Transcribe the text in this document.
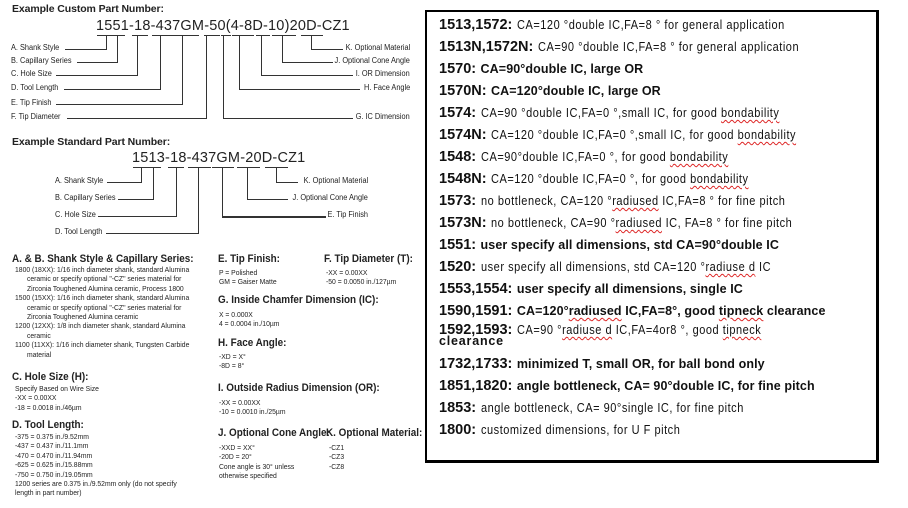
Example Custom Part Number:
1551-18-437GM-50(4-8D-10)20D-CZ1
A. Shank Style
B. Capillary Series
C. Hole Size
D. Tool Length
E. Tip Finish
F. Tip Diameter
K. Optional Material
J. Optional Cone Angle
I. OR Dimension
H. Face Angle
G. IC Dimension
Example Standard Part Number:
1513-18-437GM-20D-CZ1
A. Shank Style
B. Capillary Series
C. Hole Size
D. Tool Length
K. Optional Material
J. Optional Cone Angle
E. Tip Finish
A. & B. Shank Style & Capillary Series:
1800 (18XX): 1/16 inch diameter shank, standard Alumina
ceramic or specify optional "-CZ" series material for
Zirconia Toughened Alumina ceramic, Process 1800
1500 (15XX): 1/16 inch diameter shank, standard Alumina
ceramic or specify optional "-CZ" series material for
Zirconia Toughened Alumina ceramic
1200 (12XX): 1/8 inch diameter shank, standard Alumina
ceramic
1100 (11XX): 1/16 inch diameter shank, Tungsten Carbide
material
C. Hole Size (H):
Specify Based on Wire Size
-XX = 0.00XX
-18 = 0.0018 in./46µm
D. Tool Length:
-375 = 0.375 in./9.52mm
-437 = 0.437 in./11.1mm
-470 = 0.470 in./11.94mm
-625 = 0.625 in./15.88mm
-750 = 0.750 in./19.05mm
1200 series are 0.375 in./9.52mm only (do not specify
length in part number)
E. Tip Finish:
P = Polished
GM = Gaiser Matte
F. Tip Diameter (T):
-XX = 0.00XX
-50 = 0.0050 in./127µm
G. Inside Chamfer Dimension (IC):
X = 0.000X
4 = 0.0004 in./10µm
H. Face Angle:
-XD = X°
-8D = 8°
I. Outside Radius Dimension (OR):
-XX = 0.00XX
-10 = 0.0010 in./25µm
J. Optional Cone Angle:
-XXD = XX°
-20D = 20°
Cone angle is 30° unless
otherwise specified
K. Optional Material:
-CZ1
-CZ3
-CZ8
1513,1572: CA=120 °double IC,FA=8 ° for general application
1513N,1572N: CA=90 °double IC,FA=8 ° for general application
1570: CA=90°double IC, large OR
1570N: CA=120°double IC, large OR
1574: CA=90 °double IC,FA=0 °,small IC, for good bondability
1574N: CA=120 °double IC,FA=0 °,small IC, for good bondability
1548: CA=90°double IC,FA=0 °, for good bondability
1548N: CA=120 °double IC,FA=0 °, for good bondability
1573: no bottleneck, CA=120 °radiused IC,FA=8 ° for fine pitch
1573N: no bottleneck, CA=90 °radiused IC, FA=8 ° for fine pitch
1551: user specify all dimensions, std CA=90°double IC
1520: user specify all dimensions, std CA=120 °radiuse d IC
1553,1554: user specify all dimensions, single IC
1590,1591: CA=120°radiused IC,FA=8°, good tipneck clearance
1592,1593: CA=90 °radiuse d IC,FA=4or8 °, good tipneck
clearance
1732,1733: minimized T, small OR, for ball bond only
1851,1820: angle bottleneck, CA= 90°double IC, for fine pitch
1853: angle bottleneck, CA= 90°single IC, for fine pitch
1800: customized dimensions, for U F pitch
